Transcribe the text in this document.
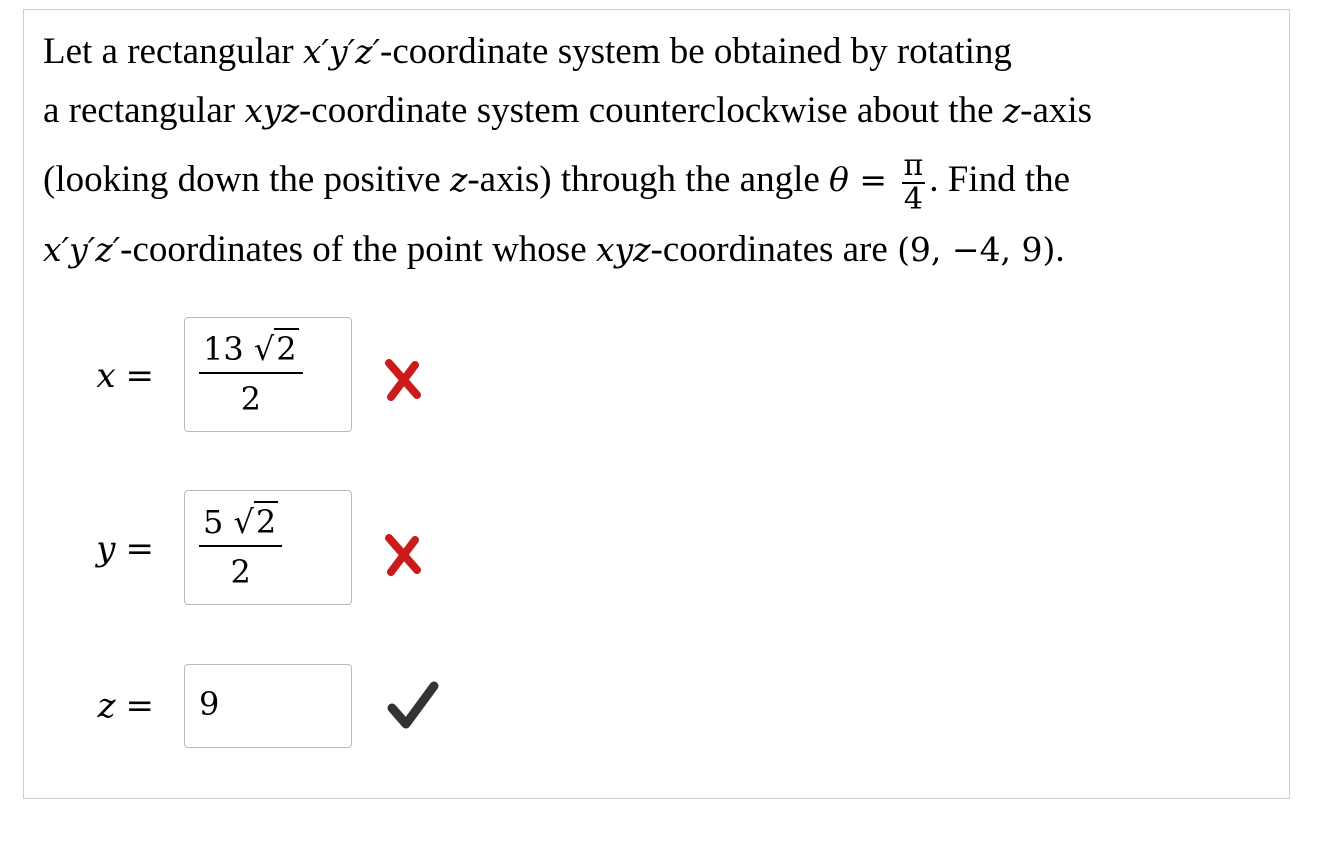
Let a rectangular x′y′z′-coordinate system be obtained by rotating
a rectangular xyz-coordinate system counterclockwise about the z-axis
(looking down the positive z-axis) through the angle $\theta = \frac{\pi}{4}$ . Find the
x′y′z′-coordinates of the point whose xyz-coordinates are (9, −4, 9).
$x = \frac{13 √2}{2}$
$y = \frac{5 √2}{2}$
z = 9
